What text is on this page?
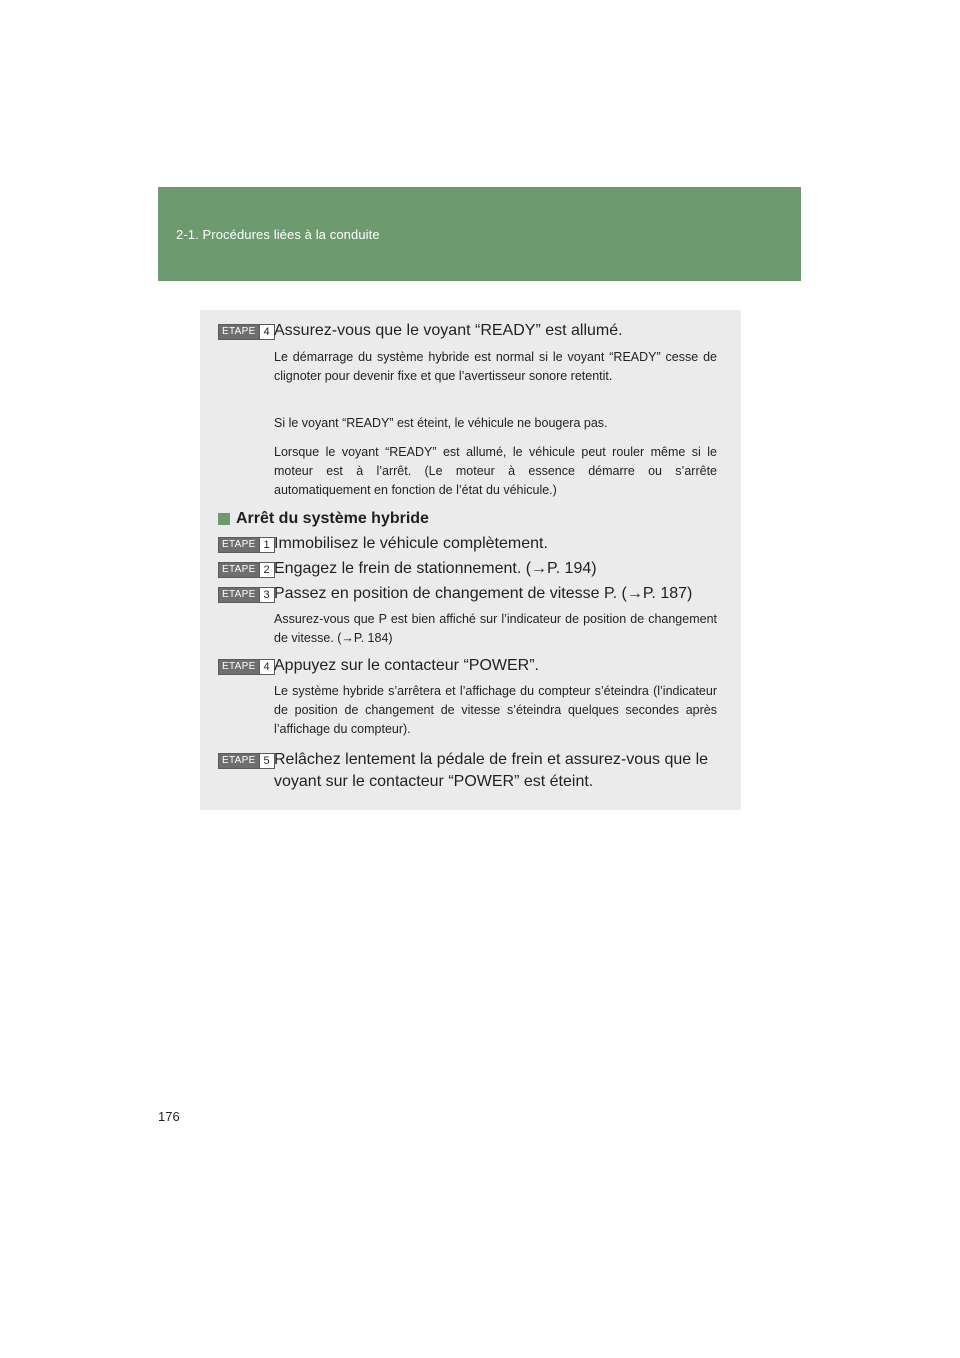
2-1. Procédures liées à la conduite
ETAPE 4 Assurez-vous que le voyant “READY” est allumé.
Le démarrage du système hybride est normal si le voyant “READY” cesse de clignoter pour devenir fixe et que l’avertisseur sonore retentit.
Si le voyant “READY” est éteint, le véhicule ne bougera pas.
Lorsque le voyant “READY” est allumé, le véhicule peut rouler même si le moteur est à l’arrêt. (Le moteur à essence démarre ou s’arrête automatiquement en fonction de l’état du véhicule.)
Arrêt du système hybride
ETAPE 1 Immobilisez le véhicule complètement.
ETAPE 2 Engagez le frein de stationnement. (→P. 194)
ETAPE 3 Passez en position de changement de vitesse P. (→P. 187)
Assurez-vous que P est bien affiché sur l’indicateur de position de changement de vitesse. (→P. 184)
ETAPE 4 Appuyez sur le contacteur “POWER”.
Le système hybride s’arrêtera et l’affichage du compteur s’éteindra (l’indicateur de position de changement de vitesse s’éteindra quelques secondes après l’affichage du compteur).
ETAPE 5 Relâchez lentement la pédale de frein et assurez-vous que le voyant sur le contacteur “POWER” est éteint.
176
